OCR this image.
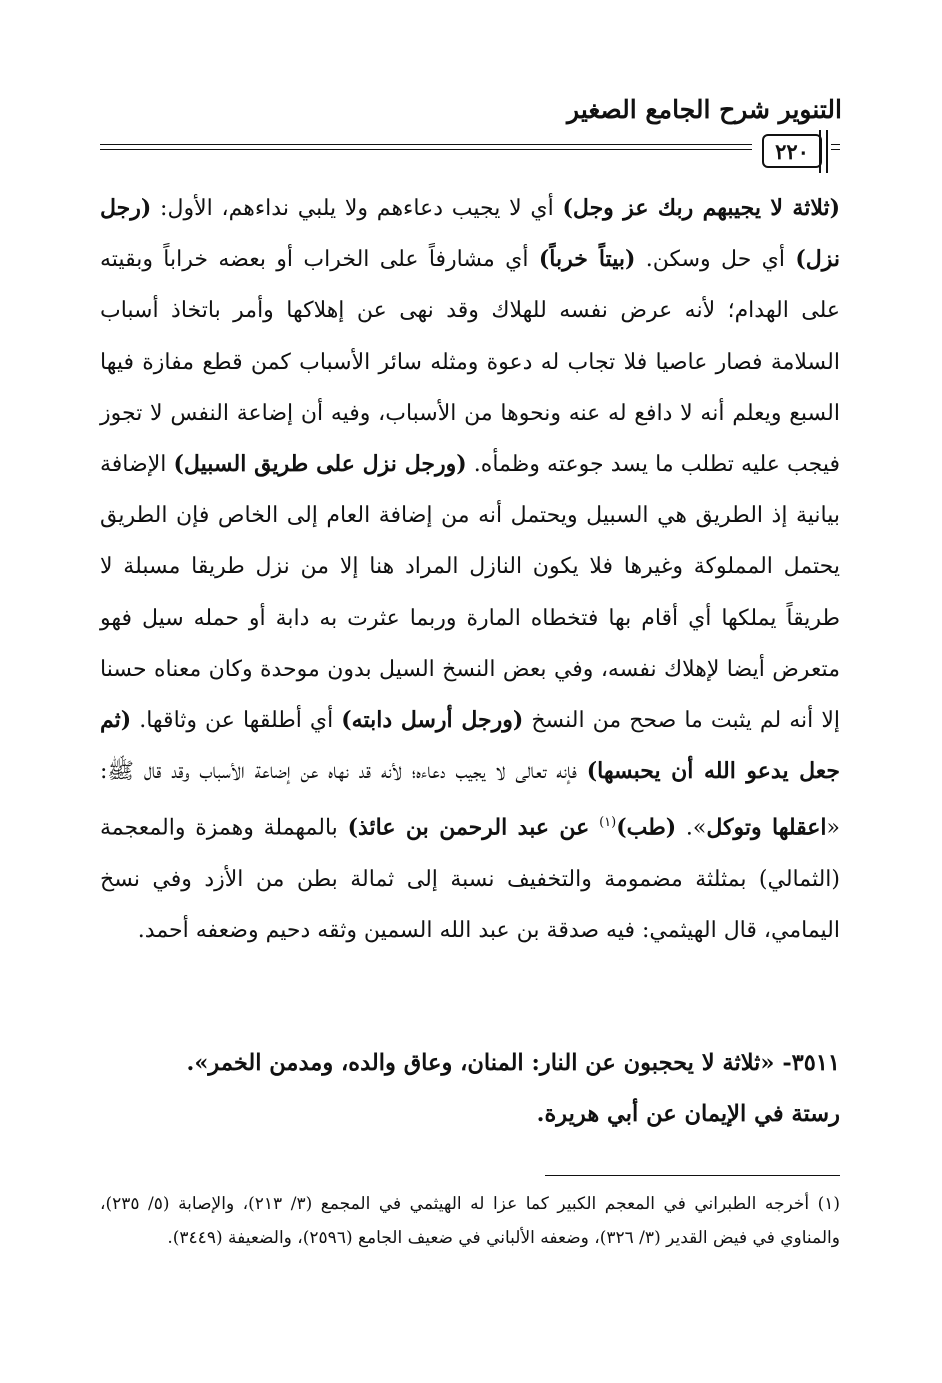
التنوير شرح الجامع الصغير
٢٢٠

(ثلاثة لا يجيبهم ربك عز وجل) أي لا يجيب دعاءهم ولا يلبي نداءهم، الأول: (رجل نزل) أي حل وسكن. (بيتاً خرباً) أي مشارفاً على الخراب أو بعضه خراباً وبقيته على الهدام؛ لأنه عرض نفسه للهلاك وقد نهى عن إهلاكها وأمر باتخاذ أسباب السلامة فصار عاصيا فلا تجاب له دعوة ومثله سائر الأسباب كمن قطع مفازة فيها السبع ويعلم أنه لا دافع له عنه ونحوها من الأسباب، وفيه أن إضاعة النفس لا تجوز فيجب عليه تطلب ما يسد جوعته وظمأه. (ورجل نزل على طريق السبيل) الإضافة بيانية إذ الطريق هي السبيل ويحتمل أنه من إضافة العام إلى الخاص فإن الطريق يحتمل المملوكة وغيرها فلا يكون النازل المراد هنا إلا من نزل طريقا مسبلة لا طريقاً يملكها أي أقام بها فتخطاه المارة وربما عثرت به دابة أو حمله سيل فهو متعرض أيضا لإهلاك نفسه، وفي بعض النسخ السيل بدون موحدة وكان معناه حسنا إلا أنه لم يثبت ما صحح من النسخ (ورجل أرسل دابته) أي أطلقها عن وثاقها. (ثم جعل يدعو الله أن يحبسها) فإنه تعالى لا يجيب دعاءه؛ لأنه قد نهاه عن إضاعة الأسباب وقد قال ﷺ: «اعقلها وتوكل». (طب)$^{(١)}$ عن عبد الرحمن بن عائذ) بالمهملة وهمزة والمعجمة (الثمالي) بمثلثة مضمومة والتخفيف نسبة إلى ثمالة بطن من الأزد وفي نسخ اليمامي، قال الهيثمي: فيه صدقة بن عبد الله السمين وثقه دحيم وضعفه أحمد.

٣٥١١- «ثلاثة لا يحجبون عن النار: المنان، وعاق والده، ومدمن الخمر».
رستة في الإيمان عن أبي هريرة.
(١) أخرجه الطبراني في المعجم الكبير كما عزا له الهيثمي في المجمع (٣/ ٢١٣)، والإصابة (٥/ ٢٣٥)، والمناوي في فيض القدير (٣/ ٣٢٦)، وضعفه الألباني في ضعيف الجامع (٢٥٩٦)، والضعيفة (٣٤٤٩).
